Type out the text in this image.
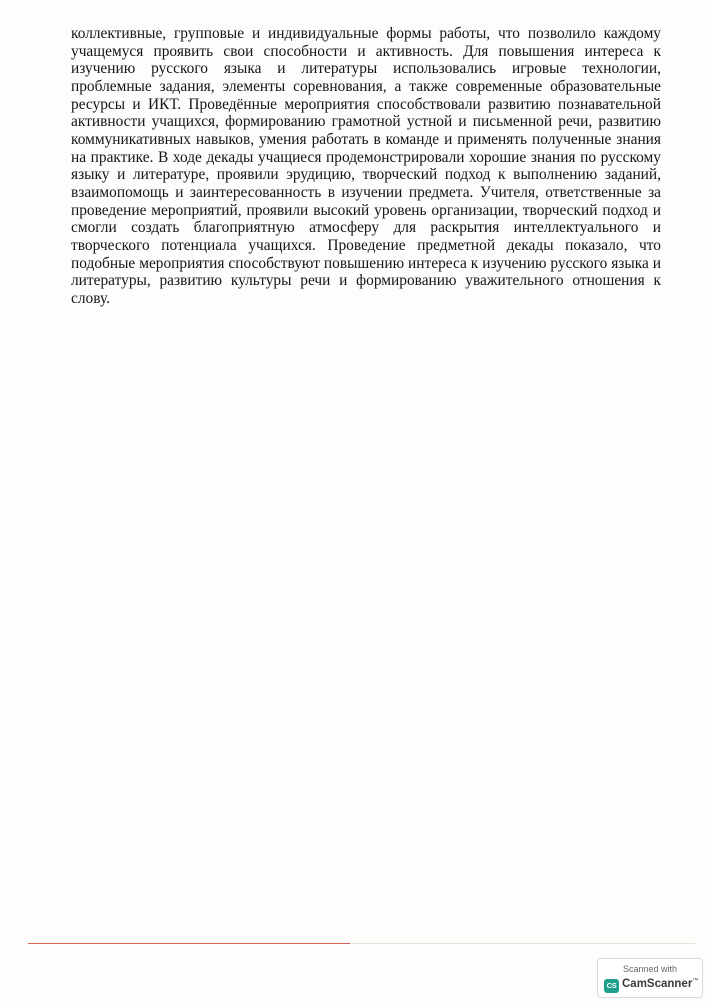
коллективные, групповые и индивидуальные формы работы, что позволило каждому учащемуся проявить свои способности и активность. Для повышения интереса к изучению русского языка и литературы использовались игровые технологии, проблемные задания, элементы соревнования, а также современные образовательные ресурсы и ИКТ. Проведённые мероприятия способствовали развитию познавательной активности учащихся, формированию грамотной устной и письменной речи, развитию коммуникативных навыков, умения работать в команде и применять полученные знания на практике. В ходе декады учащиеся продемонстрировали хорошие знания по русскому языку и литературе, проявили эрудицию, творческий подход к выполнению заданий, взаимопомощь и заинтересованность в изучении предмета. Учителя, ответственные за проведение мероприятий, проявили высокий уровень организации, творческий подход и смогли создать благоприятную атмосферу для раскрытия интеллектуального и творческого потенциала учащихся. Проведение предметной декады показало, что подобные мероприятия способствуют повышению интереса к изучению русского языка и литературы, развитию культуры речи и формированию уважительного отношения к слову.

Scanned with
CS CamScanner™
